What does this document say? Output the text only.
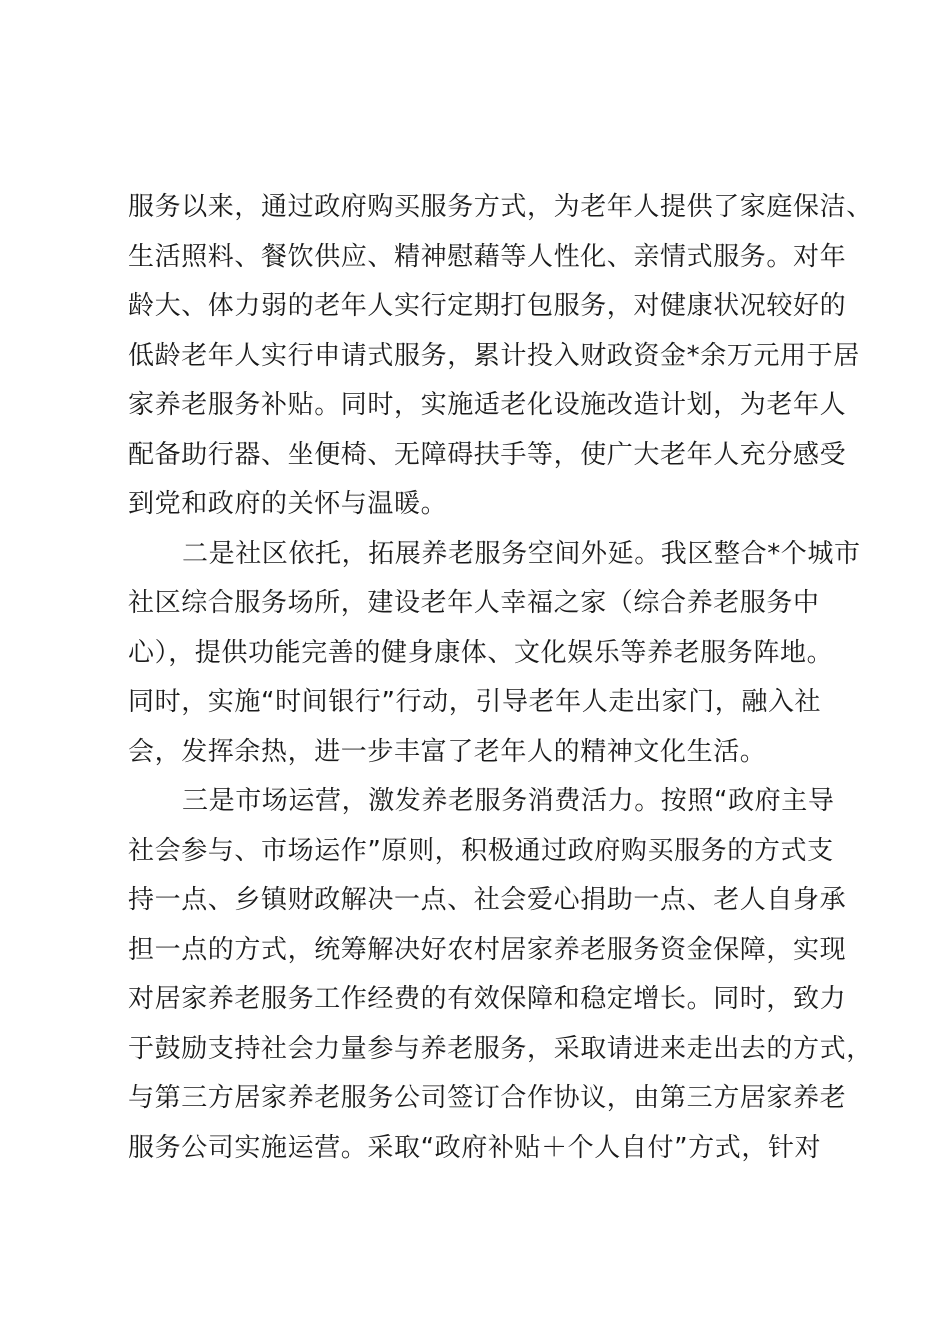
服务以来，通过政府购买服务方式，为老年人提供了家庭保洁、
生活照料、餐饮供应、精神慰藉等人性化、亲情式服务。对年
龄大、体力弱的老年人实行定期打包服务，对健康状况较好的
低龄老年人实行申请式服务，累计投入财政资金*余万元用于居
家养老服务补贴。同时，实施适老化设施改造计划，为老年人
配备助行器、坐便椅、无障碍扶手等，使广大老年人充分感受
到党和政府的关怀与温暖。
二是社区依托，拓展养老服务空间外延。我区整合*个城市
社区综合服务场所，建设老年人幸福之家（综合养老服务中
心），提供功能完善的健身康体、文化娱乐等养老服务阵地。
同时，实施“时间银行”行动，引导老年人走出家门，融入社
会，发挥余热，进一步丰富了老年人的精神文化生活。
三是市场运营，激发养老服务消费活力。按照“政府主导
社会参与、市场运作”原则，积极通过政府购买服务的方式支
持一点、乡镇财政解决一点、社会爱心捐助一点、老人自身承
担一点的方式，统筹解决好农村居家养老服务资金保障，实现
对居家养老服务工作经费的有效保障和稳定增长。同时，致力
于鼓励支持社会力量参与养老服务，采取请进来走出去的方式，
与第三方居家养老服务公司签订合作协议，由第三方居家养老
服务公司实施运营。采取“政府补贴＋个人自付”方式，针对
